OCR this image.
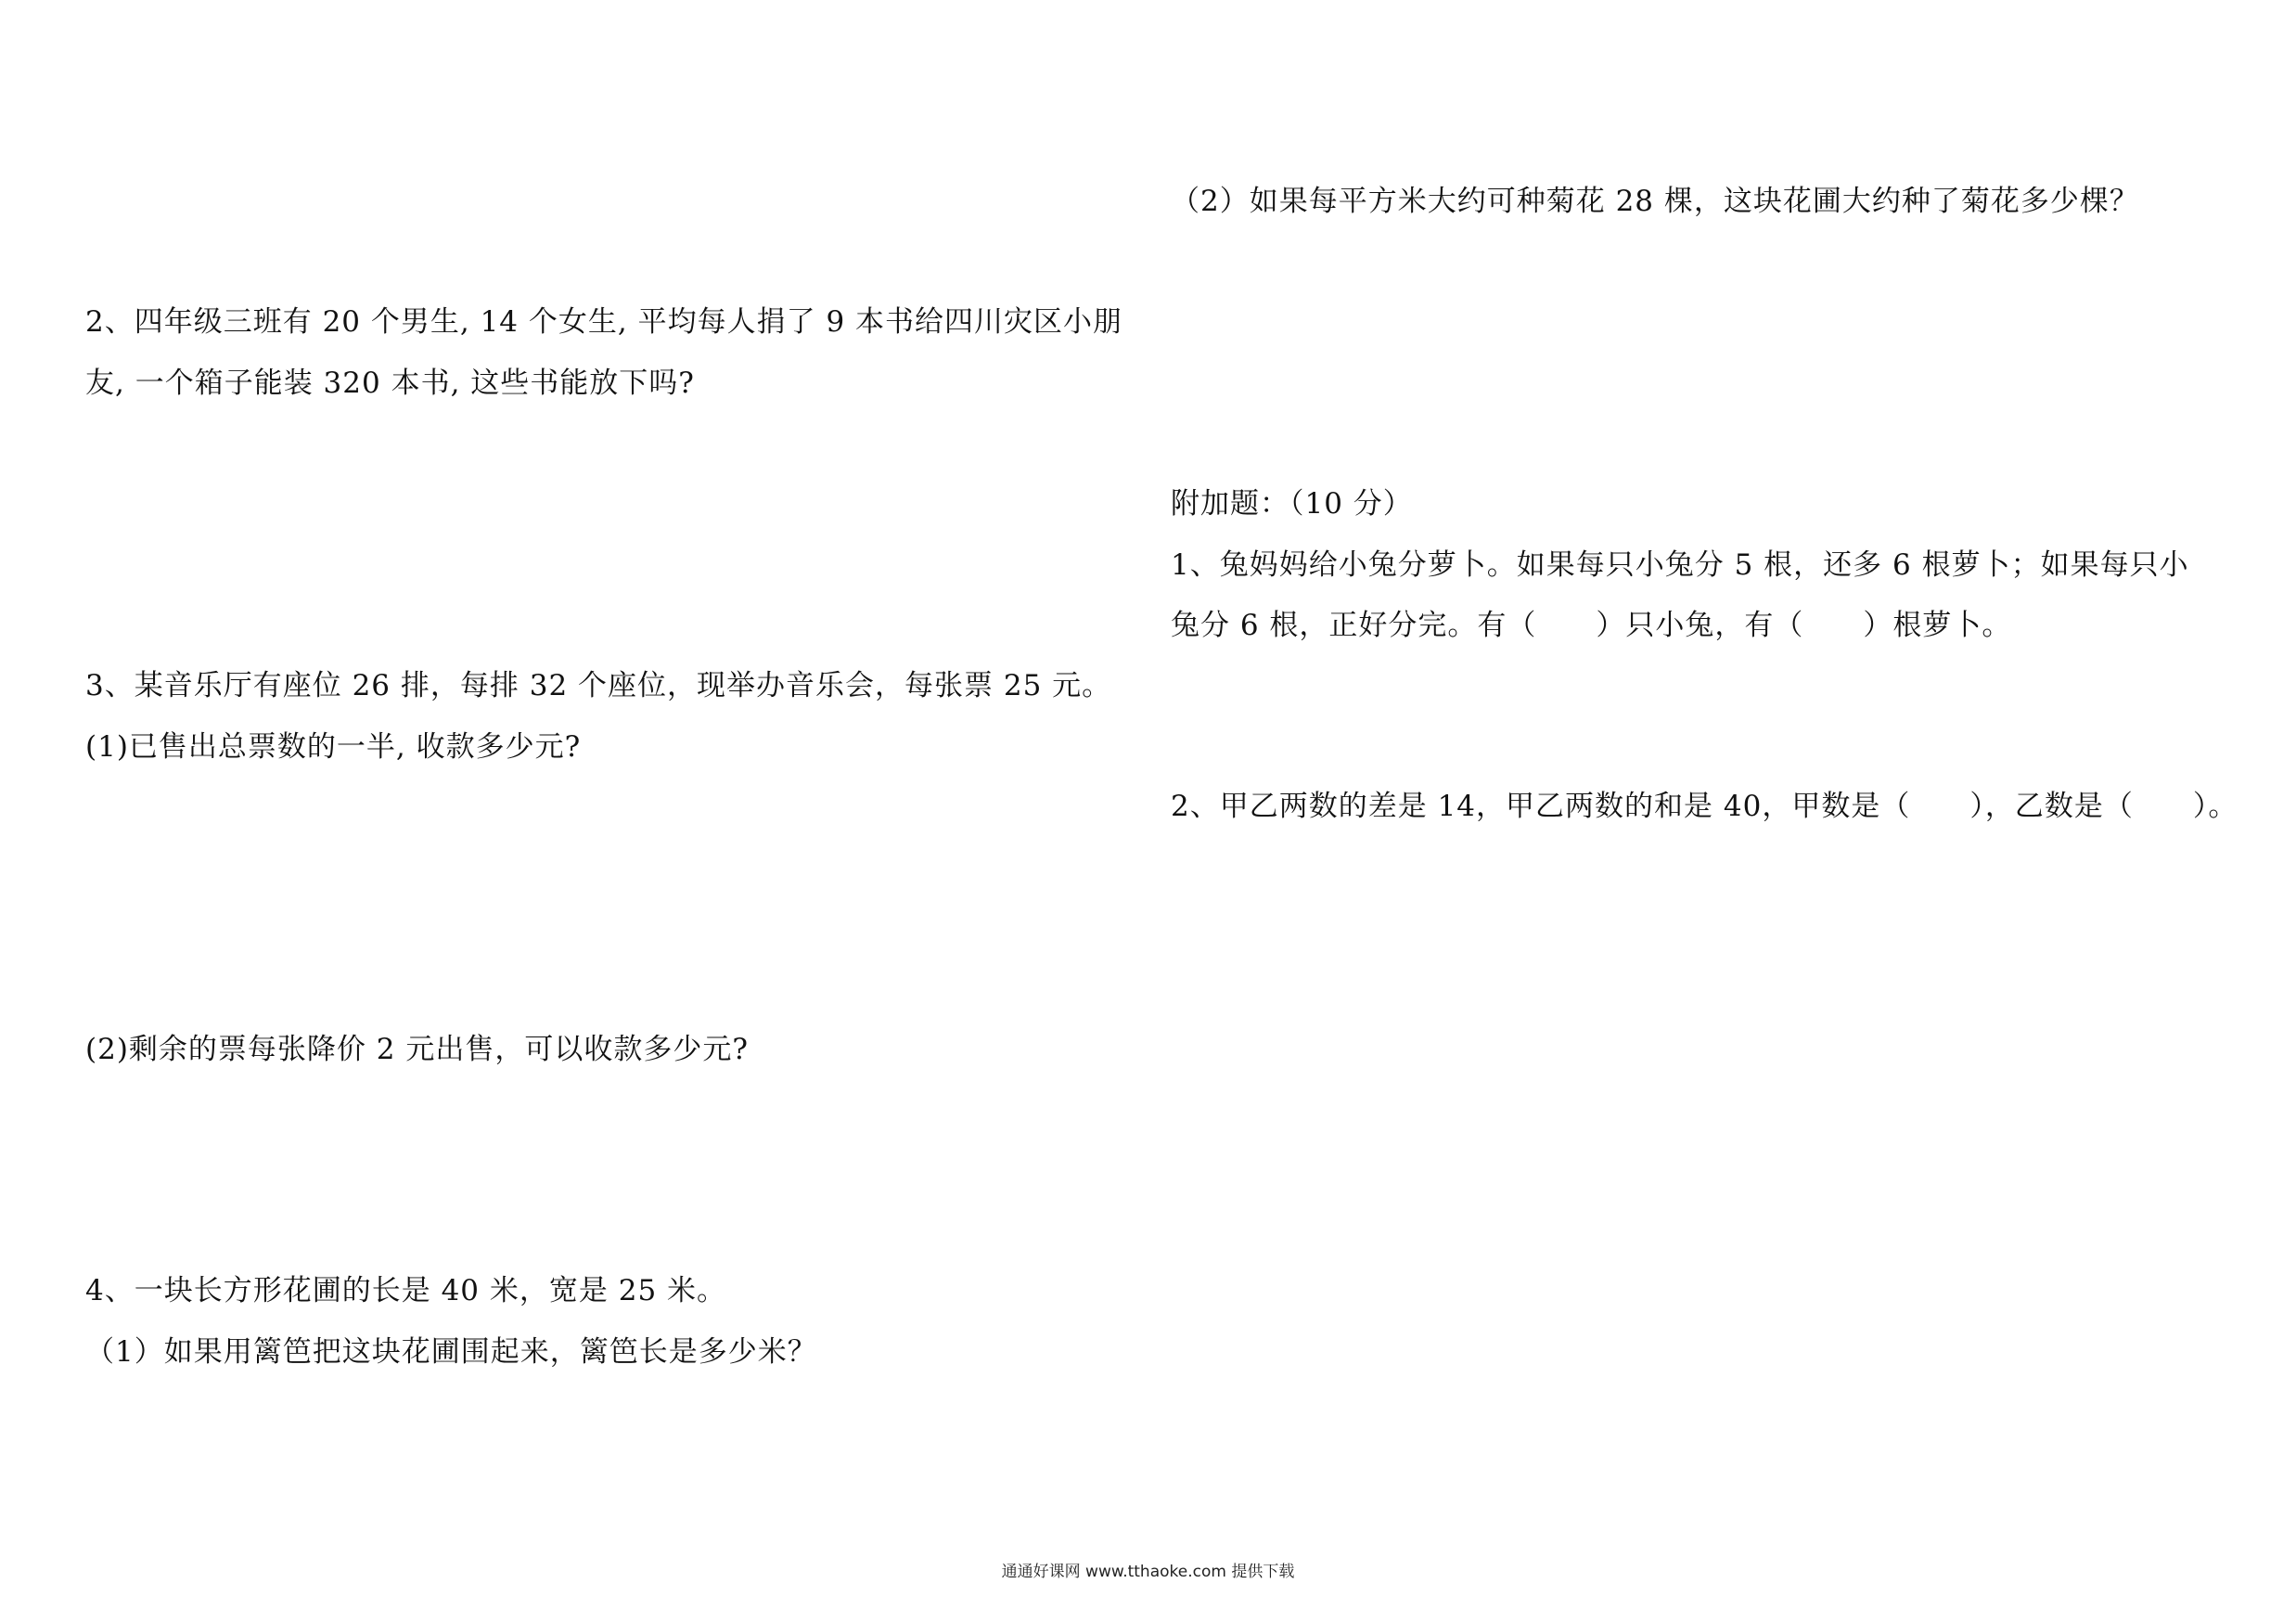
2、四年级三班有 20 个男生, 14 个女生, 平均每人捐了 9 本书给四川灾区小朋
友, 一个箱子能装 320 本书, 这些书能放下吗?
3、某音乐厅有座位 26 排，每排 32 个座位，现举办音乐会，每张票 25 元。
(1)已售出总票数的一半, 收款多少元?
(2)剩余的票每张降价 2 元出售，可以收款多少元?
4、一块长方形花圃的长是 40 米，宽是 25 米。
（1）如果用篱笆把这块花圃围起来，篱笆长是多少米？
（2）如果每平方米大约可种菊花 28 棵，这块花圃大约种了菊花多少棵？
附加题：（10 分）
1、兔妈妈给小兔分萝卜。如果每只小兔分 5 根，还多 6 根萝卜；如果每只小
兔分 6 根，正好分完。有（　　）只小兔，有（　　）根萝卜。
2、甲乙两数的差是 14，甲乙两数的和是 40，甲数是（　　），乙数是（　　）。
通通好课网 www.tthaoke.com 提供下载
